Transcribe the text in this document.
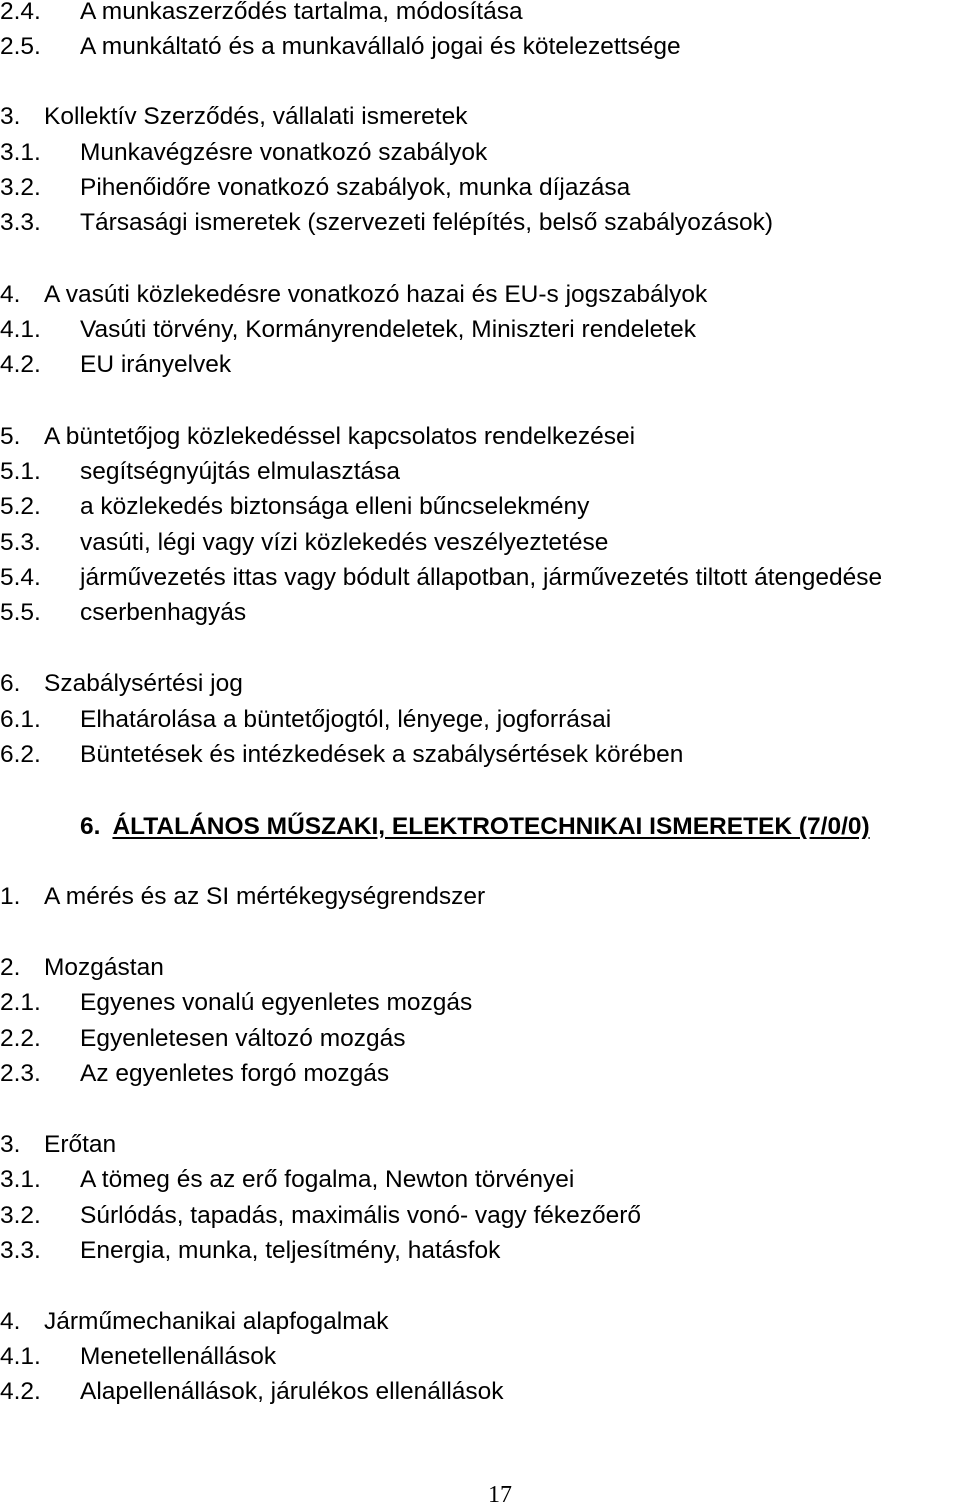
2.4. A munkaszerződés tartalma, módosítása
2.5. A munkáltató és a munkavállaló jogai és kötelezettsége
3. Kollektív Szerződés, vállalati ismeretek
3.1. Munkavégzésre vonatkozó szabályok
3.2. Pihenőidőre vonatkozó szabályok, munka díjazása
3.3. Társasági ismeretek (szervezeti felépítés, belső szabályozások)
4. A vasúti közlekedésre vonatkozó hazai és EU-s jogszabályok
4.1. Vasúti törvény, Kormányrendeletek, Miniszteri rendeletek
4.2. EU irányelvek
5. A büntetőjog közlekedéssel kapcsolatos rendelkezései
5.1. segítségnyújtás elmulasztása
5.2. a közlekedés biztonsága elleni bűncselekmény
5.3. vasúti, légi vagy vízi közlekedés veszélyeztetése
5.4. járművezetés ittas vagy bódult állapotban, járművezetés tiltott átengedése
5.5. cserbenhagyás
6. Szabálysértési jog
6.1. Elhatárolása a büntetőjogtól, lényege, jogforrásai
6.2. Büntetések és intézkedések a szabálysértések körében
6. ÁLTALÁNOS MŰSZAKI, ELEKTROTECHNIKAI ISMERETEK (7/0/0)
1. A mérés és az SI mértékegységrendszer
2. Mozgástan
2.1. Egyenes vonalú egyenletes mozgás
2.2. Egyenletesen változó mozgás
2.3. Az egyenletes forgó mozgás
3. Erőtan
3.1. A tömeg és az erő fogalma, Newton törvényei
3.2. Súrlódás, tapadás, maximális vonó- vagy fékezőerő
3.3. Energia, munka, teljesítmény, hatásfok
4. Járműmechanikai alapfogalmak
4.1. Menetellenállások
4.2. Alapellenállások, járulékos ellenállások
17
